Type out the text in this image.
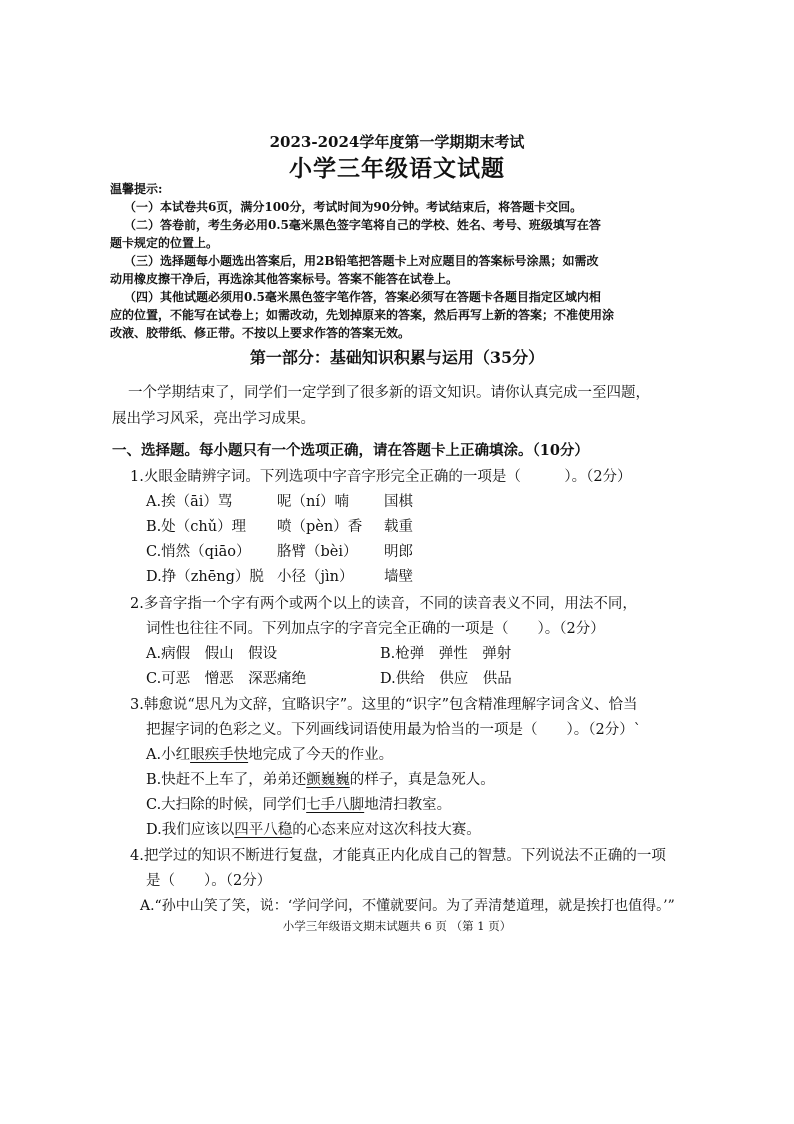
2023-2024学年度第一学期期末考试
小学三年级语文试题
温馨提示:
（一）本试卷共6页，满分100分，考试时间为90分钟。考试结束后，将答题卡交回。
（二）答卷前，考生务必用0.5毫米黑色签字笔将自己的学校、姓名、考号、班级填写在答
题卡规定的位置上。
（三）选择题每小题选出答案后，用2B铅笔把答题卡上对应题目的答案标号涂黑；如需改
动用橡皮擦干净后，再选涂其他答案标号。答案不能答在试卷上。
（四）其他试题必须用0.5毫米黑色签字笔作答，答案必须写在答题卡各题目指定区域内相
应的位置，不能写在试卷上；如需改动，先划掉原来的答案，然后再写上新的答案；不准使用涂
改液、胶带纸、修正带。不按以上要求作答的答案无效。
第一部分：基础知识积累与运用（35分）
一个学期结束了，同学们一定学到了很多新的语文知识。请你认真完成一至四题，
展出学习风采，亮出学习成果。
一、选择题。每小题只有一个选项正确，请在答题卡上正确填涂。（10分）
1.火眼金睛辨字词。下列选项中字音字形完全正确的一项是（　　　）。（2分）
A.挨（āi）骂	呢（ní）喃 国棋
B.处（chǔ）理 喷（pèn）香 载重
C.悄然（qiāo） 胳臂（bèi） 明郎
D.挣（zhēng）脱 小径（jìn） 墙壁
2.多音字指一个字有两个或两个以上的读音，不同的读音表义不同，用法不同，
词性也往往不同。下列加点字的字音完全正确的一项是（　　）。（2分）
A.病假　假山　假设	B.枪弹　弹性　弹射
C.可恶　憎恶　深恶痛绝	D.供给　供应　供品
3.韩愈说“思凡为文辞，宜略识字”。这里的“识字”包含精准理解字词含义、恰当
把握字词的色彩之义。下列画线词语使用最为恰当的一项是（　　）。（2分）`
A.小红眼疾手快地完成了今天的作业。
B.快赶不上车了，弟弟还颤巍巍的样子，真是急死人。
C.大扫除的时候，同学们七手八脚地清扫教室。
D.我们应该以四平八稳的心态来应对这次科技大赛。
4.把学过的知识不断进行复盘，才能真正内化成自己的智慧。下列说法不正确的一项
是（　　）。（2分）
A.“孙中山笑了笑，说：‘学问学问，不懂就要问。为了弄清楚道理，就是挨打也值得。’”
小学三年级语文期末试题共 6 页 （第 1 页）
